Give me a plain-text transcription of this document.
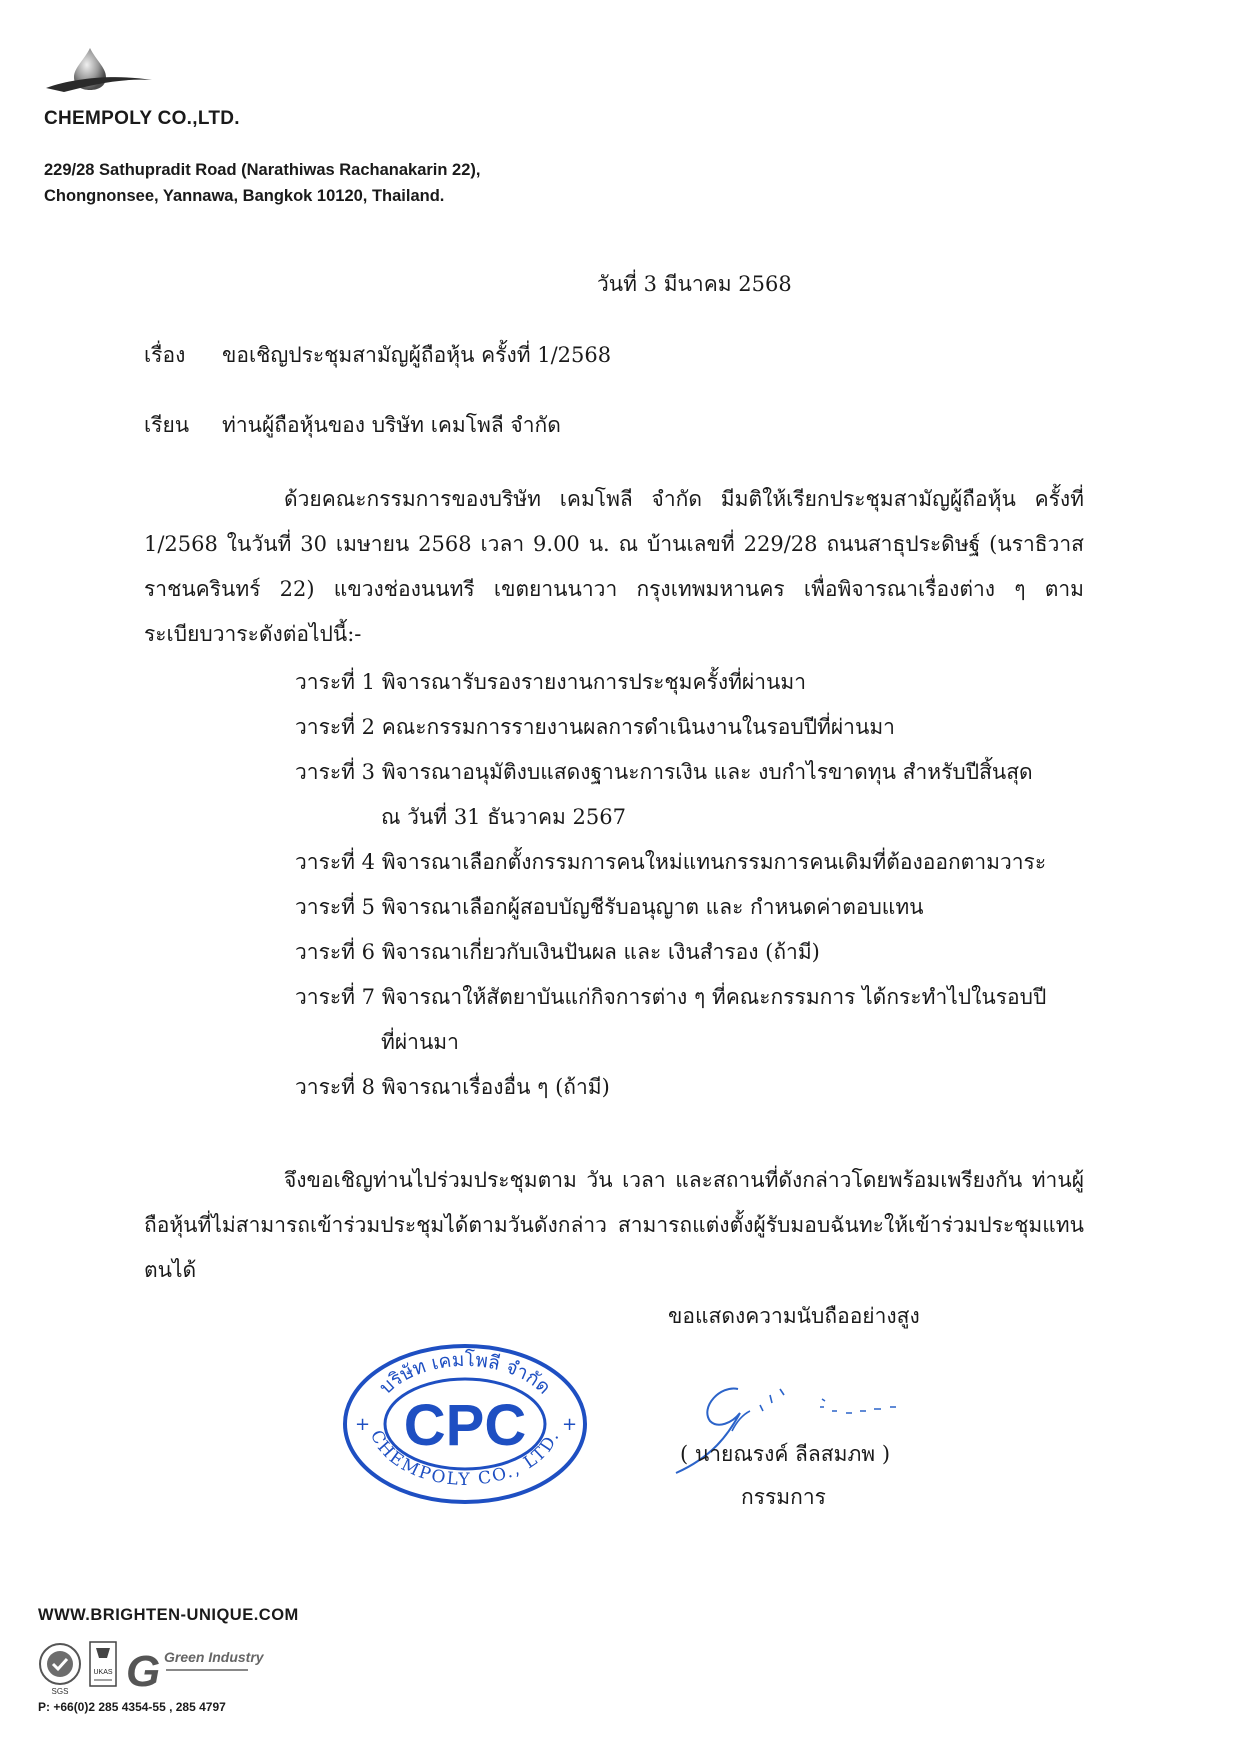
CHEMPOLY CO.,LTD.
229/28 Sathupradit Road (Narathiwas Rachanakarin 22),
Chongnonsee, Yannawa, Bangkok 10120, Thailand.
วันที่ 3 มีนาคม 2568
เรื่อง ขอเชิญประชุมสามัญผู้ถือหุ้น ครั้งที่ 1/2568
เรียน ท่านผู้ถือหุ้นของ บริษัท เคมโพลี จำกัด
ด้วยคณะกรรมการของบริษัท เคมโพลี จำกัด มีมติให้เรียกประชุมสามัญผู้ถือหุ้น ครั้งที่ 1/2568 ในวันที่ 30 เมษายน 2568 เวลา 9.00 น. ณ บ้านเลขที่ 229/28 ถนนสาธุประดิษฐ์ (นราธิวาสราชนครินทร์ 22) แขวงช่องนนทรี เขตยานนาวา กรุงเทพมหานคร เพื่อพิจารณาเรื่องต่าง ๆ ตามระเบียบวาระดังต่อไปนี้:-
วาระที่ 1 พิจารณารับรองรายงานการประชุมครั้งที่ผ่านมา
วาระที่ 2 คณะกรรมการรายงานผลการดำเนินงานในรอบปีที่ผ่านมา
วาระที่ 3 พิจารณาอนุมัติงบแสดงฐานะการเงิน และ งบกำไรขาดทุน สำหรับปีสิ้นสุด
ณ วันที่ 31 ธันวาคม 2567
วาระที่ 4 พิจารณาเลือกตั้งกรรมการคนใหม่แทนกรรมการคนเดิมที่ต้องออกตามวาระ
วาระที่ 5 พิจารณาเลือกผู้สอบบัญชีรับอนุญาต และ กำหนดค่าตอบแทน
วาระที่ 6 พิจารณาเกี่ยวกับเงินปันผล และ เงินสำรอง (ถ้ามี)
วาระที่ 7 พิจารณาให้สัตยาบันแก่กิจการต่าง ๆ ที่คณะกรรมการ ได้กระทำไปในรอบปี
ที่ผ่านมา
วาระที่ 8 พิจารณาเรื่องอื่น ๆ (ถ้ามี)
จึงขอเชิญท่านไปร่วมประชุมตาม วัน เวลา และสถานที่ดังกล่าวโดยพร้อมเพรียงกัน ท่านผู้ถือหุ้นที่ไม่สามารถเข้าร่วมประชุมได้ตามวันดังกล่าว สามารถแต่งตั้งผู้รับมอบฉันทะให้เข้าร่วมประชุมแทนตนได้
ขอแสดงความนับถืออย่างสูง
+	+
บริษัท เคมโพลี จำกัด
CPC
CHEMPOLY CO., LTD.
( นายณรงค์ ลีลสมภพ )
กรรมการ
WWW.BRIGHTEN-UNIQUE.COM
SGS
UKAS G Green Industry
P: +66(0)2 285 4354-55 , 285 4797
